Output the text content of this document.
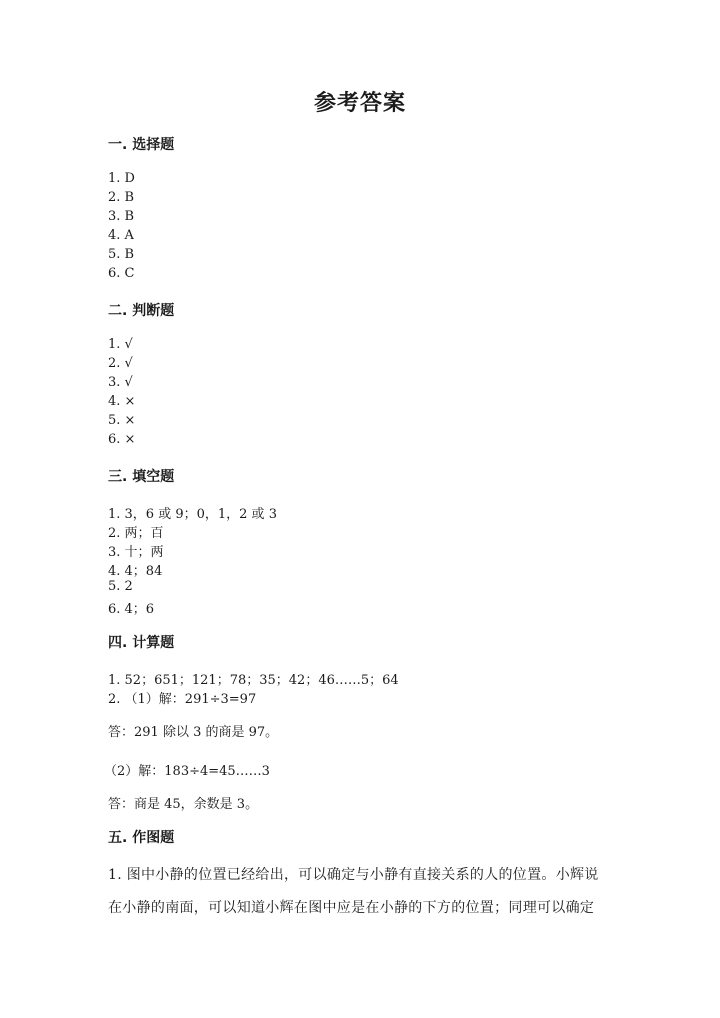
参考答案
一. 选择题
1. D
2. B
3. B
4. A
5. B
6. C
二. 判断题
1. √
2. √
3. √
4. ×
5. ×
6. ×
三. 填空题
1. 3，6 或 9；0，1，2 或 3
2. 两；百
3. 十；两
4. 4；84
5. 2
6. 4；6
四. 计算题
1. 52；651；121；78；35；42；46……5；64
2. （1）解：291÷3=97
答：291 除以 3 的商是 97。
（2）解：183÷4=45……3
答：商是 45，余数是 3。
五. 作图题
1. 图中小静的位置已经给出，可以确定与小静有直接关系的人的位置。小辉说
在小静的南面，可以知道小辉在图中应是在小静的下方的位置；同理可以确定
